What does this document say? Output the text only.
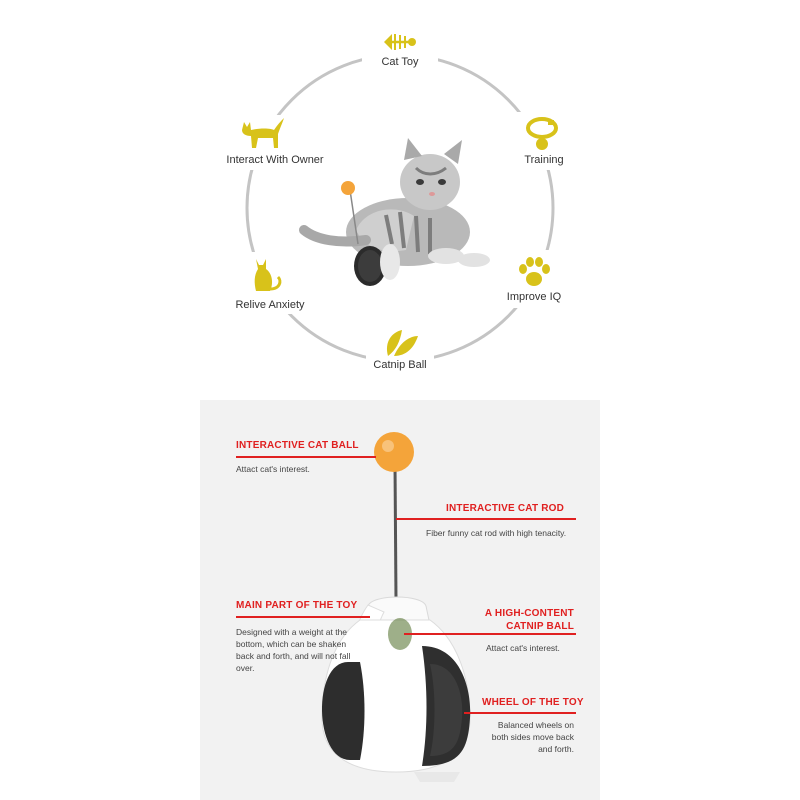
Cat Toy
Training
Improve IQ
Catnip Ball
Relive Anxiety
Interact With Owner
INTERACTIVE CAT BALL
Attact cat's interest.
INTERACTIVE CAT ROD
Fiber funny cat rod with high tenacity.
MAIN PART OF THE TOY
Designed with a weight at the bottom, which can be shaken back and forth, and will not fall over.
A HIGH-CONTENT
CATNIP BALL
Attact cat's interest.
WHEEL OF THE TOY
Balanced wheels on
both sides move back
and forth.
